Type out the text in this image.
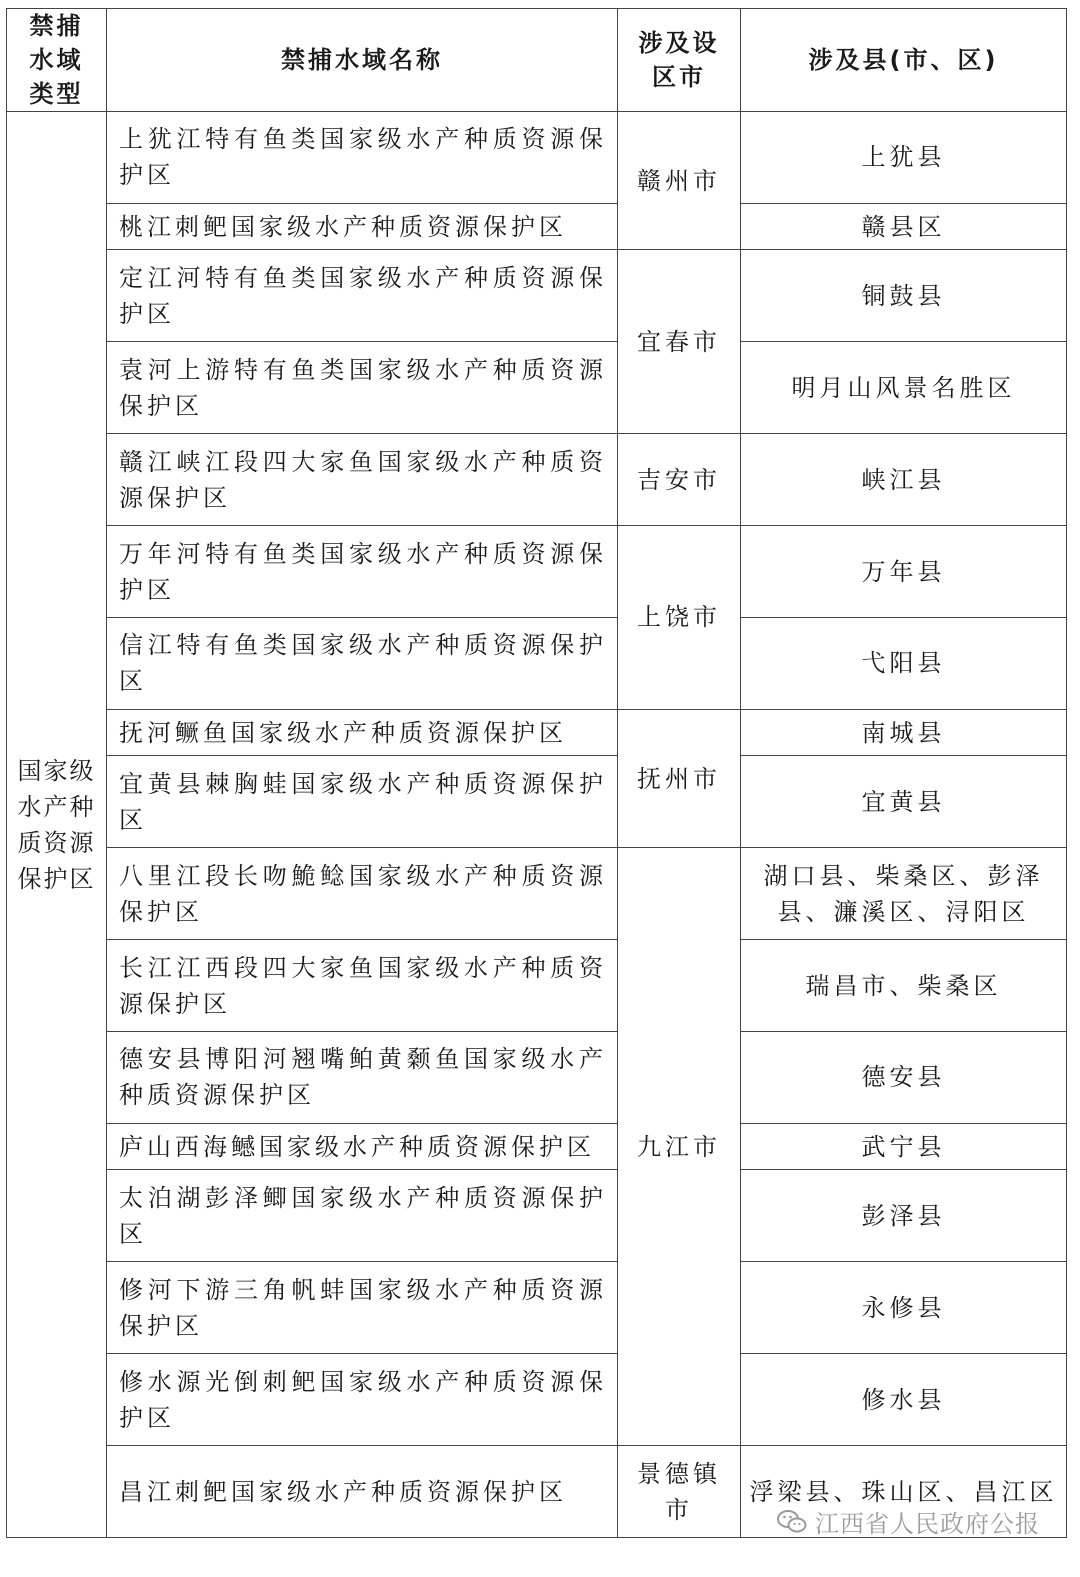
禁捕水域类型	禁捕水域名称	涉及设区市	涉及县(市、区)
国家级水产种质资源保护区	上犹江特有鱼类国家级水产种质资源保护区	赣州市	上犹县
	桃江刺鲃国家级水产种质资源保护区		赣县区
	定江河特有鱼类国家级水产种质资源保护区	宜春市	铜鼓县
	袁河上游特有鱼类国家级水产种质资源保护区		明月山风景名胜区
	赣江峡江段四大家鱼国家级水产种质资源保护区	吉安市	峡江县
	万年河特有鱼类国家级水产种质资源保护区	上饶市	万年县
	信江特有鱼类国家级水产种质资源保护区		弋阳县
	抚河鳜鱼国家级水产种质资源保护区	抚州市	南城县
	宜黄县棘胸蛙国家级水产种质资源保护区		宜黄县
	八里江段长吻鮠鲶国家级水产种质资源保护区	九江市	湖口县、柴桑区、彭泽县、濂溪区、浔阳区
	长江江西段四大家鱼国家级水产种质资源保护区		瑞昌市、柴桑区
	德安县博阳河翘嘴鲌黄颡鱼国家级水产种质资源保护区		德安县
	庐山西海鳡国家级水产种质资源保护区		武宁县
	太泊湖彭泽鲫国家级水产种质资源保护区		彭泽县
	修河下游三角帆蚌国家级水产种质资源保护区		永修县
	修水源光倒刺鲃国家级水产种质资源保护区		修水县
	昌江刺鲃国家级水产种质资源保护区	景德镇市	浮梁县、珠山区、昌江区
江西省人民政府公报
